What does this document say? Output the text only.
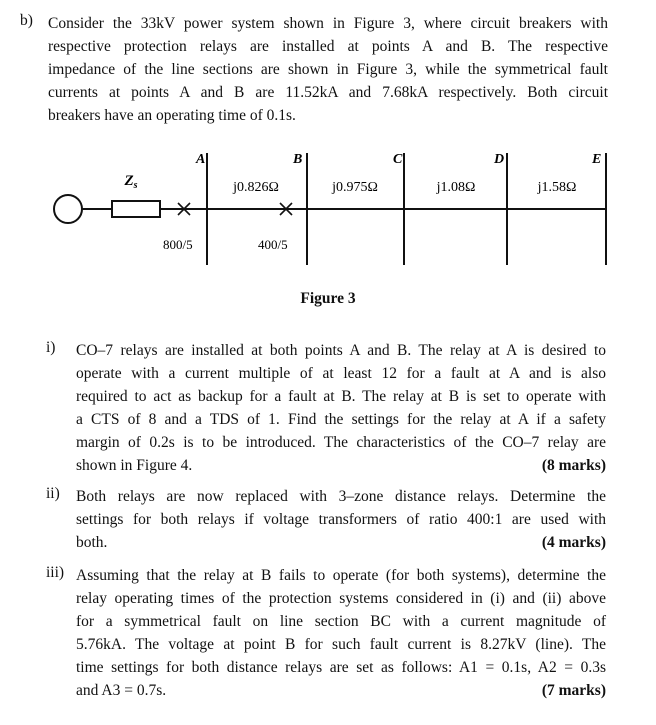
b) Consider the 33kV power system shown in Figure 3, where circuit breakers with
respective protection relays are installed at points A and B. The respective
impedance of the line sections are shown in Figure 3, while the symmetrical fault
currents at points A and B are 11.52kA and 7.68kA respectively. Both circuit
breakers have an operating time of 0.1s.
$Z_s$
A
800/5
B
400/5
C	D	E
j0.826Ω	j0.975Ω	j1.08Ω	j1.58Ω
Figure 3
i) CO–7 relays are installed at both points A and B. The relay at A is desired to
operate with a current multiple of at least 12 for a fault at A and is also
required to act as backup for a fault at B. The relay at B is set to operate with
a CTS of 8 and a TDS of 1. Find the settings for the relay at A if a safety
margin of 0.2s is to be introduced. The characteristics of the CO–7 relay are
shown in Figure 4.	(8 marks)
ii) Both relays are now replaced with 3–zone distance relays. Determine the
settings for both relays if voltage transformers of ratio 400:1 are used with
both.	(4 marks)
iii) Assuming that the relay at B fails to operate (for both systems), determine the
relay operating times of the protection systems considered in (i) and (ii) above
for a symmetrical fault on line section BC with a current magnitude of
5.76kA. The voltage at point B for such fault current is 8.27kV (line). The
time settings for both distance relays are set as follows: A1 = 0.1s, A2 = 0.3s
and A3 = 0.7s.	(7 marks)
